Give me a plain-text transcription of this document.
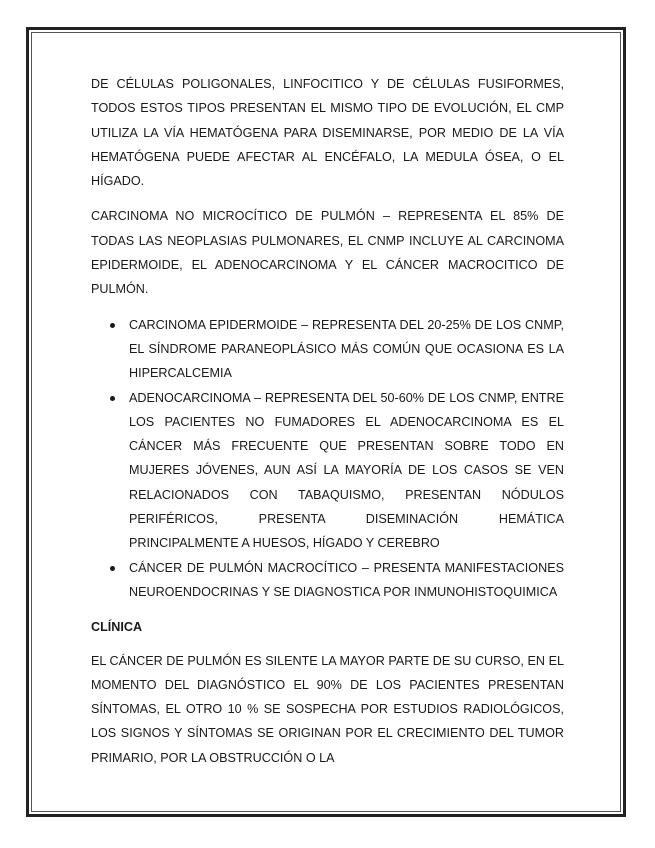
DE CÉLULAS POLIGONALES, LINFOCITICO Y DE CÉLULAS FUSIFORMES, TODOS ESTOS TIPOS PRESENTAN EL MISMO TIPO DE EVOLUCIÓN, EL CMP UTILIZA LA VÍA HEMATÓGENA PARA DISEMINARSE, POR MEDIO DE LA VÍA HEMATÓGENA PUEDE AFECTAR AL ENCÉFALO, LA MEDULA ÓSEA, O EL HÍGADO.

CARCINOMA NO MICROCÍTICO DE PULMÓN – REPRESENTA EL 85% DE TODAS LAS NEOPLASIAS PULMONARES, EL CNMP INCLUYE AL CARCINOMA EPIDERMOIDE, EL ADENOCARCINOMA Y EL CÁNCER MACROCITICO DE PULMÓN.

CARCINOMA EPIDERMOIDE – REPRESENTA DEL 20-25% DE LOS CNMP, EL SÍNDROME PARANEOPLÁSICO MÁS COMÚN QUE OCASIONA ES LA HIPERCALCEMIA
ADENOCARCINOMA – REPRESENTA DEL 50-60% DE LOS CNMP, ENTRE LOS PACIENTES NO FUMADORES EL ADENOCARCINOMA ES EL CÁNCER MÁS FRECUENTE QUE PRESENTAN SOBRE TODO EN MUJERES JÓVENES, AUN ASÍ LA MAYORÍA DE LOS CASOS SE VEN RELACIONADOS CON TABAQUISMO, PRESENTAN NÓDULOS PERIFÉRICOS, PRESENTA DISEMINACIÓN HEMÁTICA PRINCIPALMENTE A HUESOS, HÍGADO Y CEREBRO
CÁNCER DE PULMÓN MACROCÍTICO – PRESENTA MANIFESTACIONES NEUROENDOCRINAS Y SE DIAGNOSTICA POR INMUNOHISTOQUIMICA
CLÍNICA

EL CÁNCER DE PULMÓN ES SILENTE LA MAYOR PARTE DE SU CURSO, EN EL MOMENTO DEL DIAGNÓSTICO EL 90% DE LOS PACIENTES PRESENTAN SÍNTOMAS, EL OTRO 10 % SE SOSPECHA POR ESTUDIOS RADIOLÓGICOS, LOS SIGNOS Y SÍNTOMAS SE ORIGINAN POR EL CRECIMIENTO DEL TUMOR PRIMARIO, POR LA OBSTRUCCIÓN O LA
